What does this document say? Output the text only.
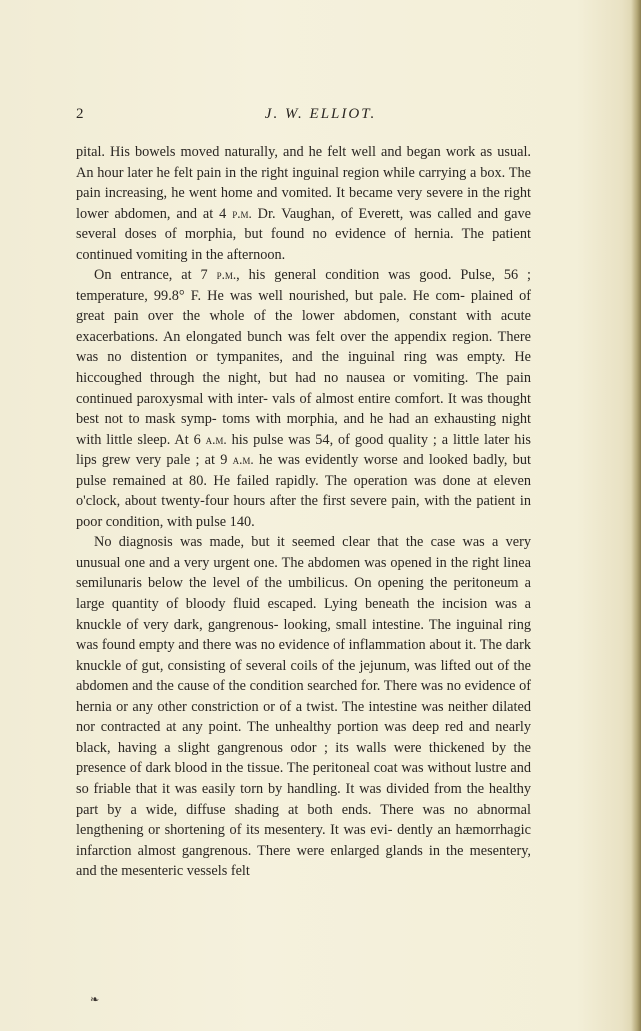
2	J. W. ELLIOT.

pital. His bowels moved naturally, and he felt well and began work as usual. An hour later he felt pain in the right inguinal region while carrying a box. The pain increasing, he went home and vomited. It became very severe in the right lower abdomen, and at 4 p.m. Dr. Vaughan, of Everett, was called and gave several doses of morphia, but found no evidence of hernia. The patient continued vomiting in the afternoon.

On entrance, at 7 p.m., his general condition was good. Pulse, 56 ; temperature, 99.8° F. He was well nourished, but pale. He com- plained of great pain over the whole of the lower abdomen, constant with acute exacerbations. An elongated bunch was felt over the appendix region. There was no distention or tympanites, and the inguinal ring was empty. He hiccoughed through the night, but had no nausea or vomiting. The pain continued paroxysmal with inter- vals of almost entire comfort. It was thought best not to mask symp- toms with morphia, and he had an exhausting night with little sleep. At 6 a.m. his pulse was 54, of good quality ; a little later his lips grew very pale ; at 9 a.m. he was evidently worse and looked badly, but pulse remained at 80. He failed rapidly. The operation was done at eleven o'clock, about twenty-four hours after the first severe pain, with the patient in poor condition, with pulse 140.

No diagnosis was made, but it seemed clear that the case was a very unusual one and a very urgent one. The abdomen was opened in the right linea semilunaris below the level of the umbilicus. On opening the peritoneum a large quantity of bloody fluid escaped. Lying beneath the incision was a knuckle of very dark, gangrenous- looking, small intestine. The inguinal ring was found empty and there was no evidence of inflammation about it. The dark knuckle of gut, consisting of several coils of the jejunum, was lifted out of the abdomen and the cause of the condition searched for. There was no evidence of hernia or any other constriction or of a twist. The intestine was neither dilated nor contracted at any point. The unhealthy portion was deep red and nearly black, having a slight gangrenous odor ; its walls were thickened by the presence of dark blood in the tissue. The peritoneal coat was without lustre and so friable that it was easily torn by handling. It was divided from the healthy part by a wide, diffuse shading at both ends. There was no abnormal lengthening or shortening of its mesentery. It was evi- dently an hæmorrhagic infarction almost gangrenous. There were enlarged glands in the mesentery, and the mesenteric vessels felt

❧
